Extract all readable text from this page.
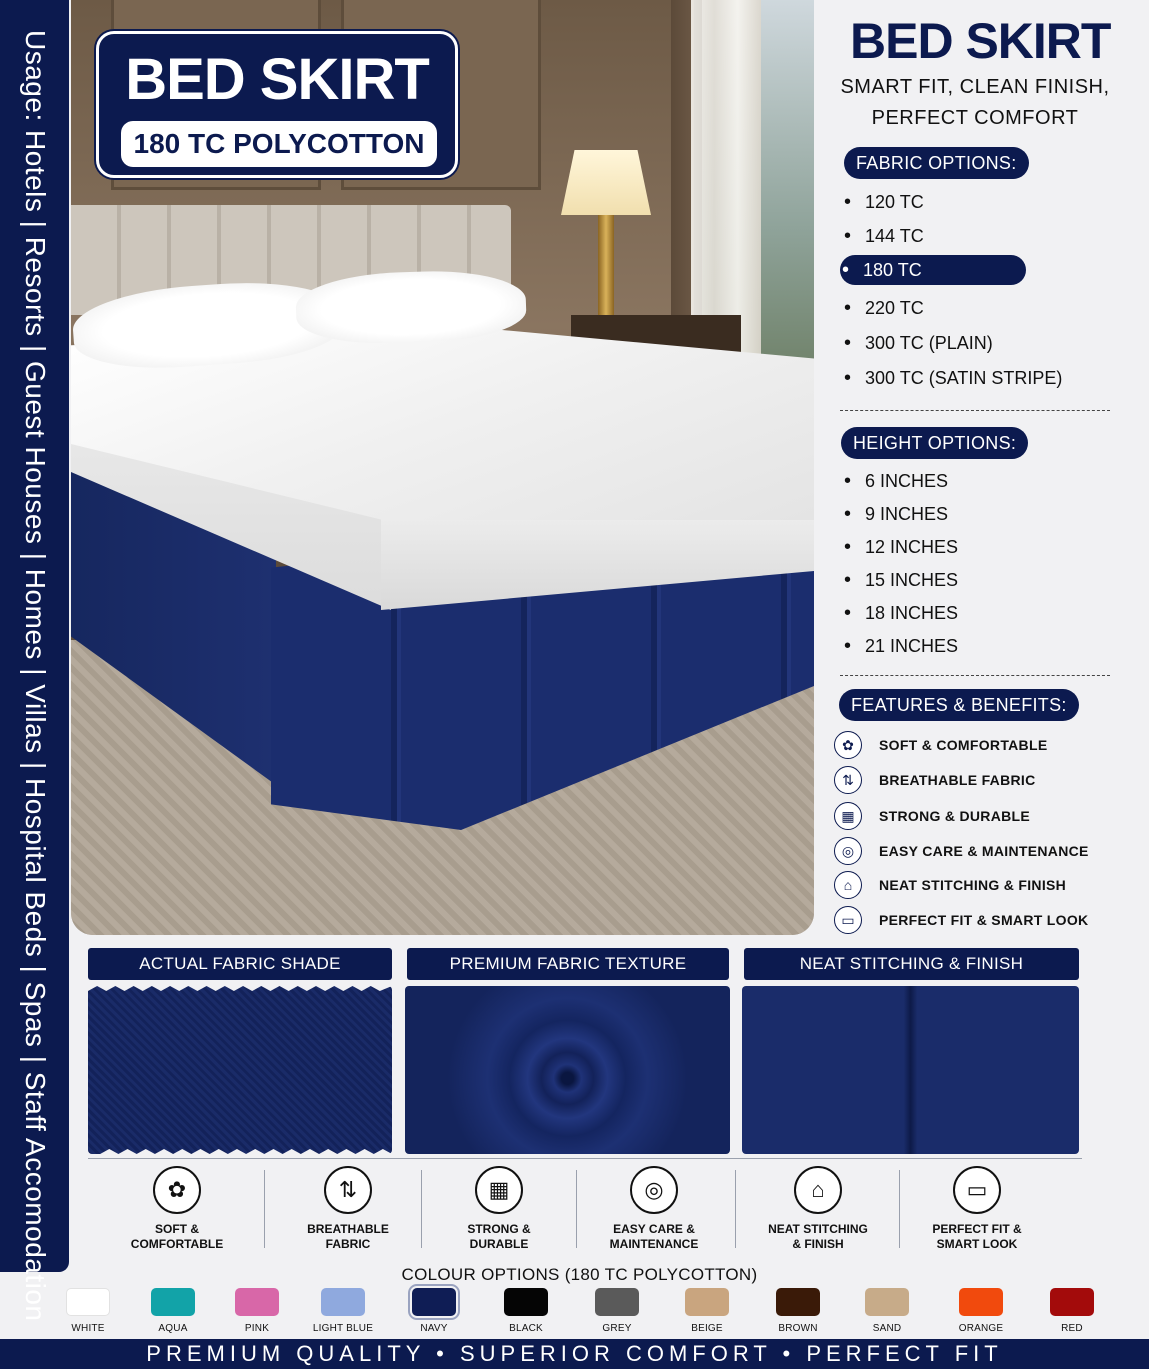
Usage: Hotels | Resorts | Guest Houses | Homes | Villas | Hospital Beds | Spas | Staff Accomodation	BED SKIRT
180 TC POLYCOTTON
BED SKIRT
SMART FIT, CLEAN FINISH,
PERFECT COMFORT
FABRIC OPTIONS:
• 120 TC
• 144 TC
• 180 TC
• 220 TC
• 300 TC (PLAIN)
• 300 TC (SATIN STRIPE)
HEIGHT OPTIONS:
• 6 INCHES
• 9 INCHES
• 12 INCHES
• 15 INCHES
• 18 INCHES
• 21 INCHES
FEATURES & BENEFITS:
✿	SOFT & COMFORTABLE
⇅	BREATHABLE FABRIC
▦	STRONG & DURABLE
◎	EASY CARE & MAINTENANCE
⌂	NEAT STITCHING & FINISH
▭	PERFECT FIT & SMART LOOK
ACTUAL FABRIC SHADE	PREMIUM FABRIC TEXTURE	NEAT STITCHING & FINISH
✿
SOFT &
COMFORTABLE
⇅
BREATHABLE
FABRIC
▦
STRONG &
DURABLE
◎
EASY CARE &
MAINTENANCE
⌂
NEAT STITCHING
& FINISH
▭
PERFECT FIT &
SMART LOOK
COLOUR OPTIONS (180 TC POLYCOTTON)
WHITE	AQUA	PINK	LIGHT BLUE	NAVY	BLACK	GREY	BEIGE	BROWN	SAND	ORANGE	RED
PREMIUM QUALITY • SUPERIOR COMFORT • PERFECT FIT
